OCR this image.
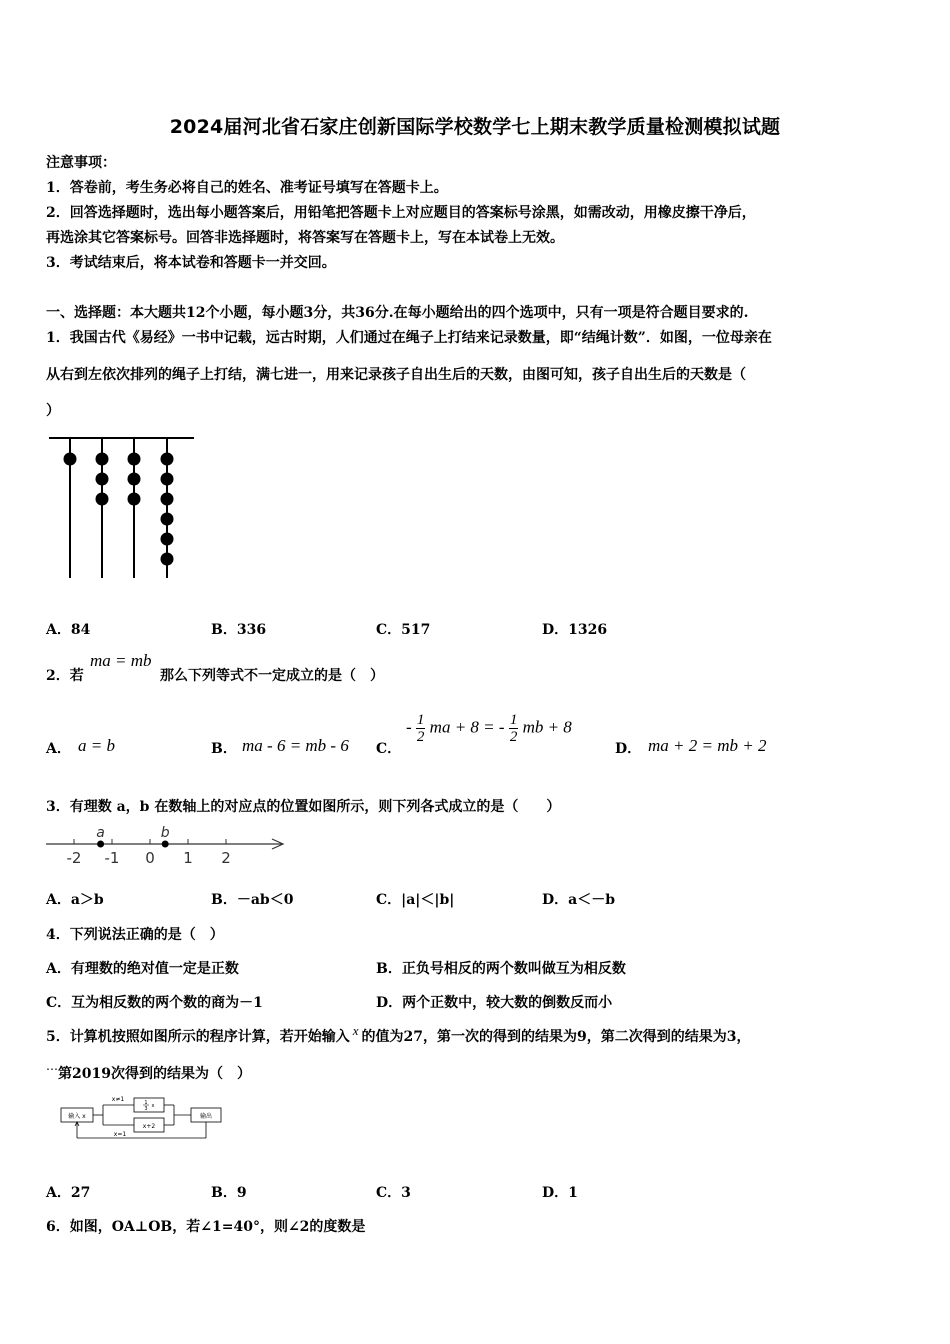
2024届河北省石家庄创新国际学校数学七上期末教学质量检测模拟试题
注意事项：
1．答卷前，考生务必将自己的姓名、准考证号填写在答题卡上。
2．回答选择题时，选出每小题答案后，用铅笔把答题卡上对应题目的答案标号涂黑，如需改动，用橡皮擦干净后，
再选涂其它答案标号。回答非选择题时，将答案写在答题卡上，写在本试卷上无效。
3．考试结束后，将本试卷和答题卡一并交回。
一、选择题：本大题共12个小题，每小题3分，共36分.在每小题给出的四个选项中，只有一项是符合题目要求的.
1．我国古代《易经》一书中记载，远古时期，人们通过在绳子上打结来记录数量，即“结绳计数”．如图，一位母亲在
从右到左依次排列的绳子上打结，满七进一，用来记录孩子自出生后的天数，由图可知，孩子自出生后的天数是（
）
A．84	B．336	C．517	D．1326
2．若
ma = mb
那么下列等式不一定成立的是（　）
A． a = b	B． ma - 6 = mb - 6 C．
- $\frac{1}{2}$ ma + 8 = - $\frac{1}{2}$ mb + 8
D． ma + 2 = mb + 2
3．有理数 a，b 在数轴上的对应点的位置如图所示，则下列各式成立的是（　　）
-2 -1 0 1 2
a	b
A．a＞b	B．－ab＜0	C．|a|＜|b|	D．a＜－b
4．下列说法正确的是（　）
A．有理数的绝对值一定是正数	B．正负号相反的两个数叫做互为相反数
C．互为相反数的两个数的商为－1	D．两个正数中，较大数的倒数反而小
5．计算机按照如图所示的程序计算，若开始输入 x 的值为27，第一次的得到的结果为9，第二次得到的结果为3，
⋯第2019次得到的结果为（　）
输入 x
x≠1	1
3 x
x+2
输出
x=1
A．27	B．9	C．3	D．1
6．如图，OA⊥OB，若∠1=40°，则∠2的度数是
